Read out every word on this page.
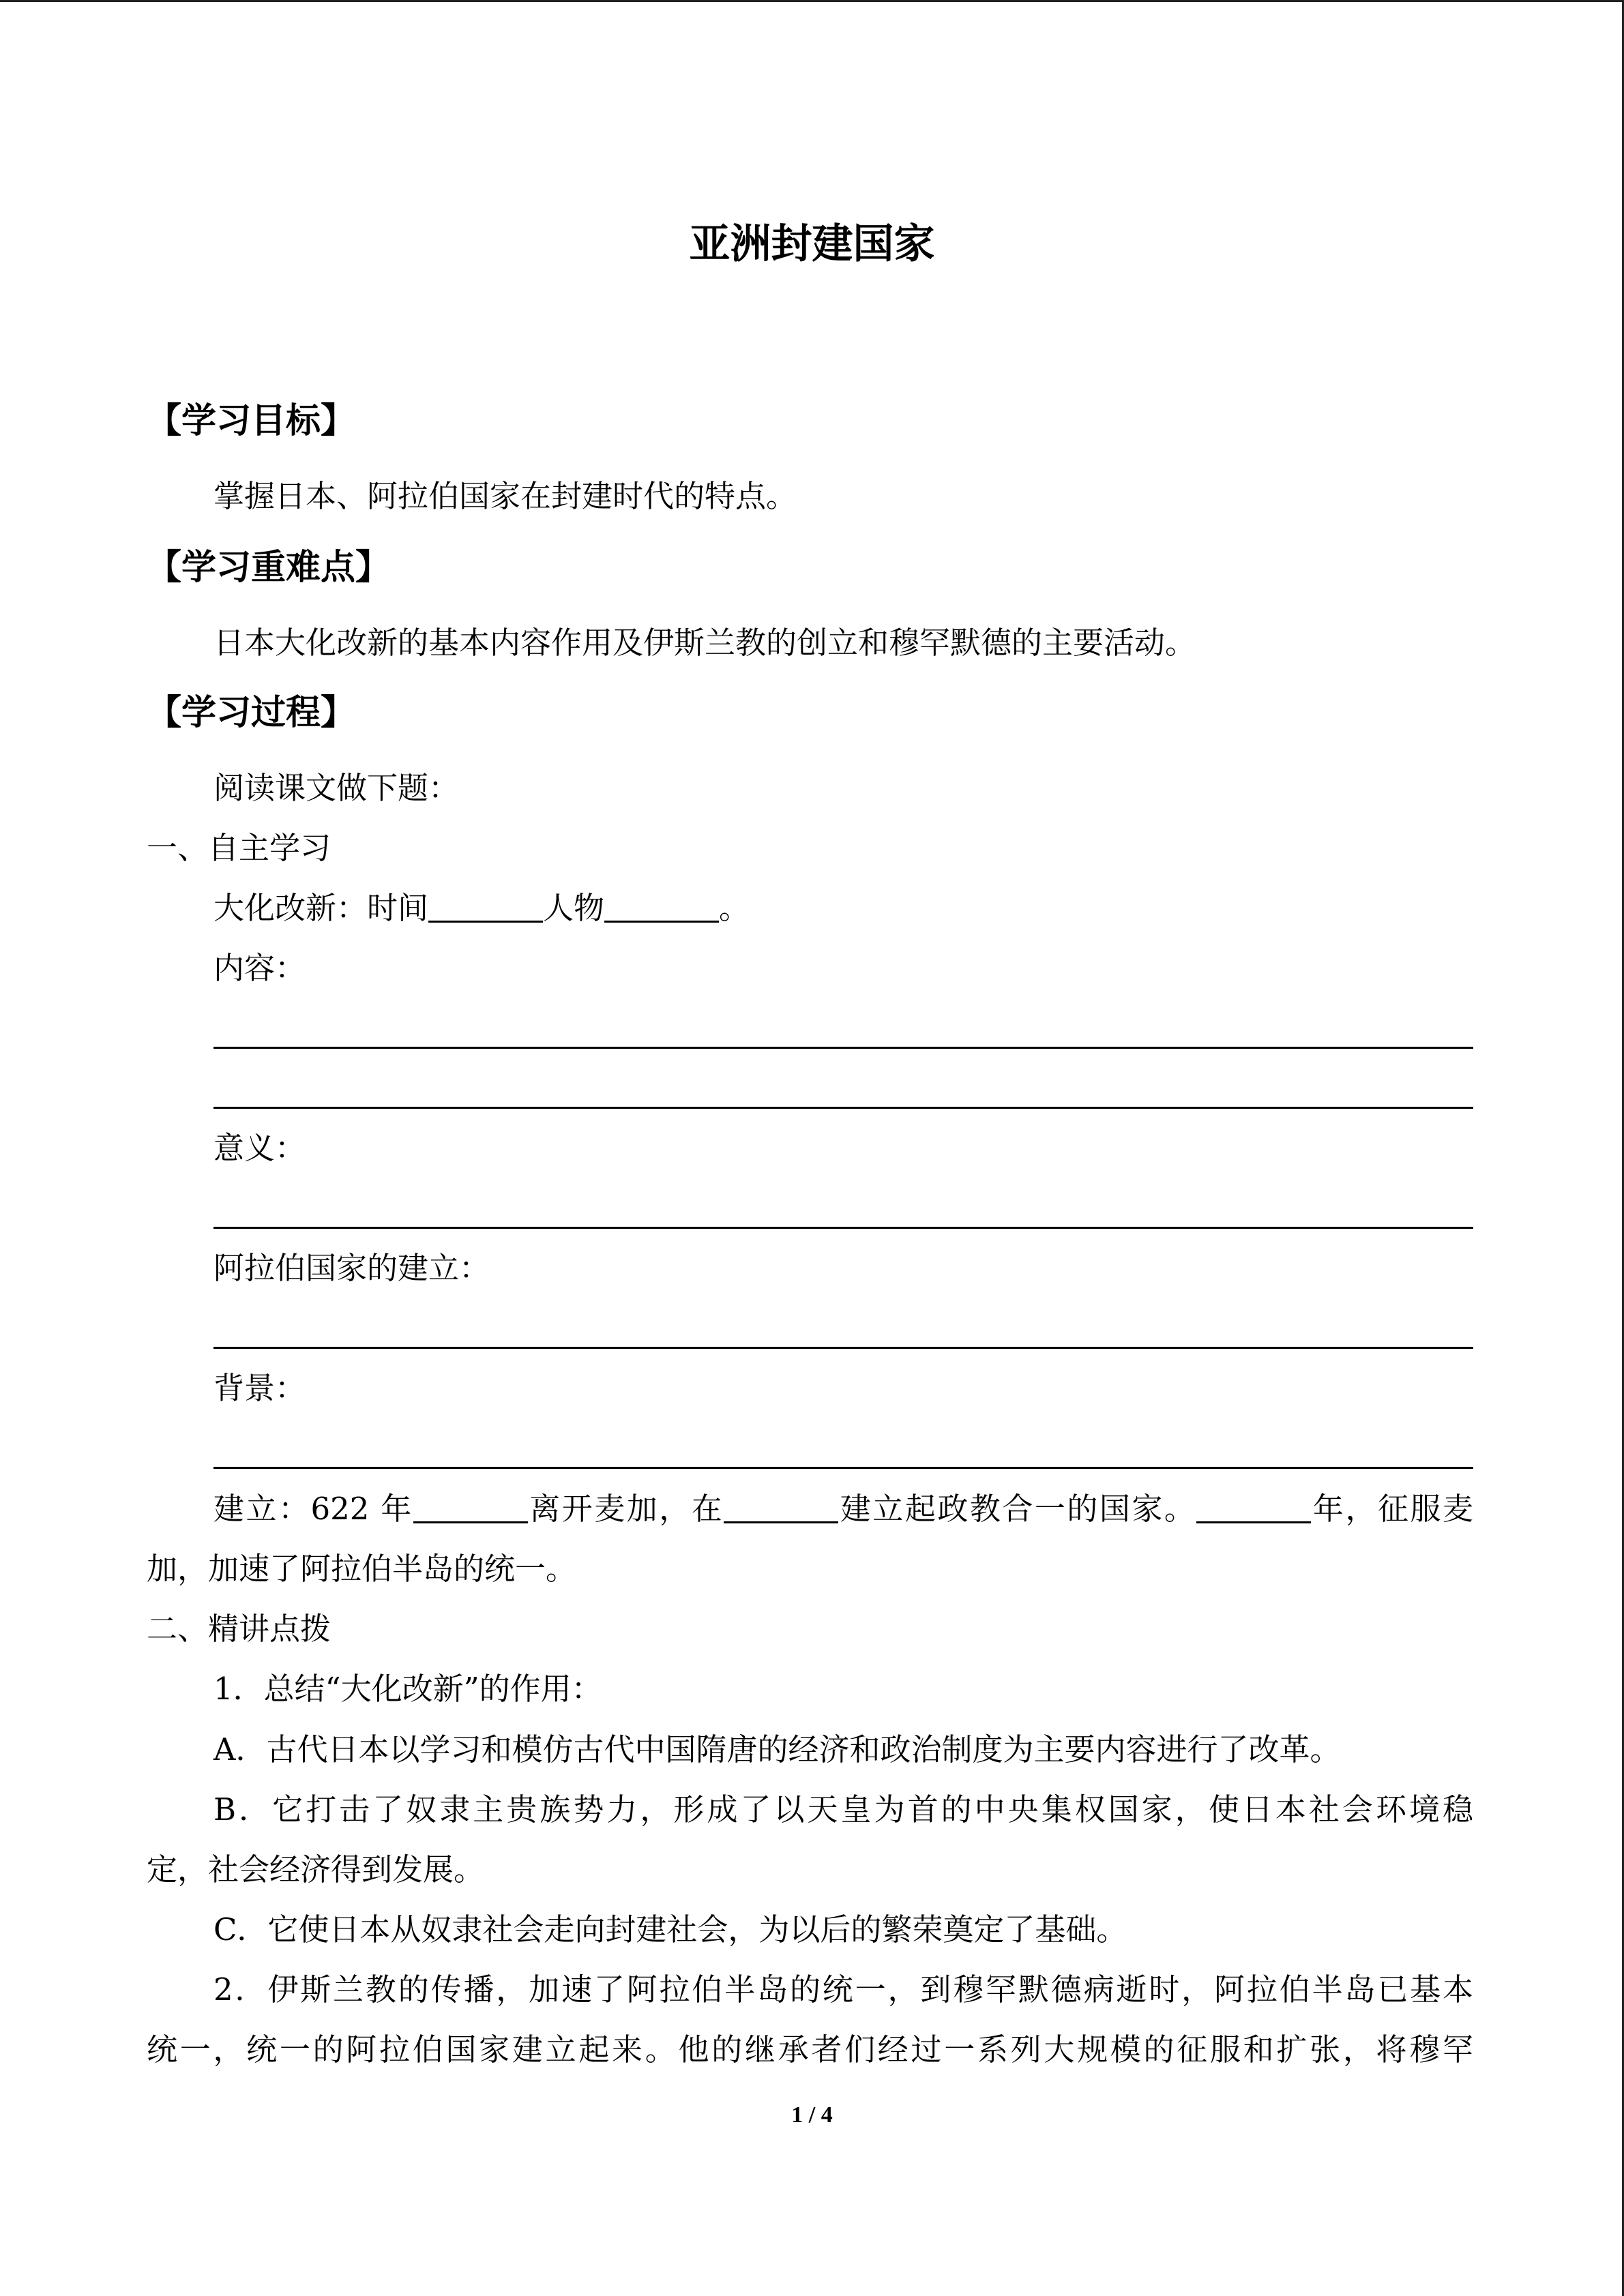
亚洲封建国家
【学习目标】
掌握日本、阿拉伯国家在封建时代的特点。
【学习重难点】
日本大化改新的基本内容作用及伊斯兰教的创立和穆罕默德的主要活动。
【学习过程】
阅读课文做下题：
一、自主学习
大化改新：时间	人物	。
内容：
意义：
阿拉伯国家的建立：
背景：
建立：622 年	离开麦加，在	建立起政教合一的国家。	年，征服麦
加，加速了阿拉伯半岛的统一。
二、精讲点拨
1．总结“大化改新”的作用：
A．古代日本以学习和模仿古代中国隋唐的经济和政治制度为主要内容进行了改革。
B．它打击了奴隶主贵族势力，形成了以天皇为首的中央集权国家，使日本社会环境稳
定，社会经济得到发展。
C．它使日本从奴隶社会走向封建社会，为以后的繁荣奠定了基础。
2．伊斯兰教的传播，加速了阿拉伯半岛的统一，到穆罕默德病逝时，阿拉伯半岛已基本
统一，统一的阿拉伯国家建立起来。他的继承者们经过一系列大规模的征服和扩张，将穆罕
1 / 4
